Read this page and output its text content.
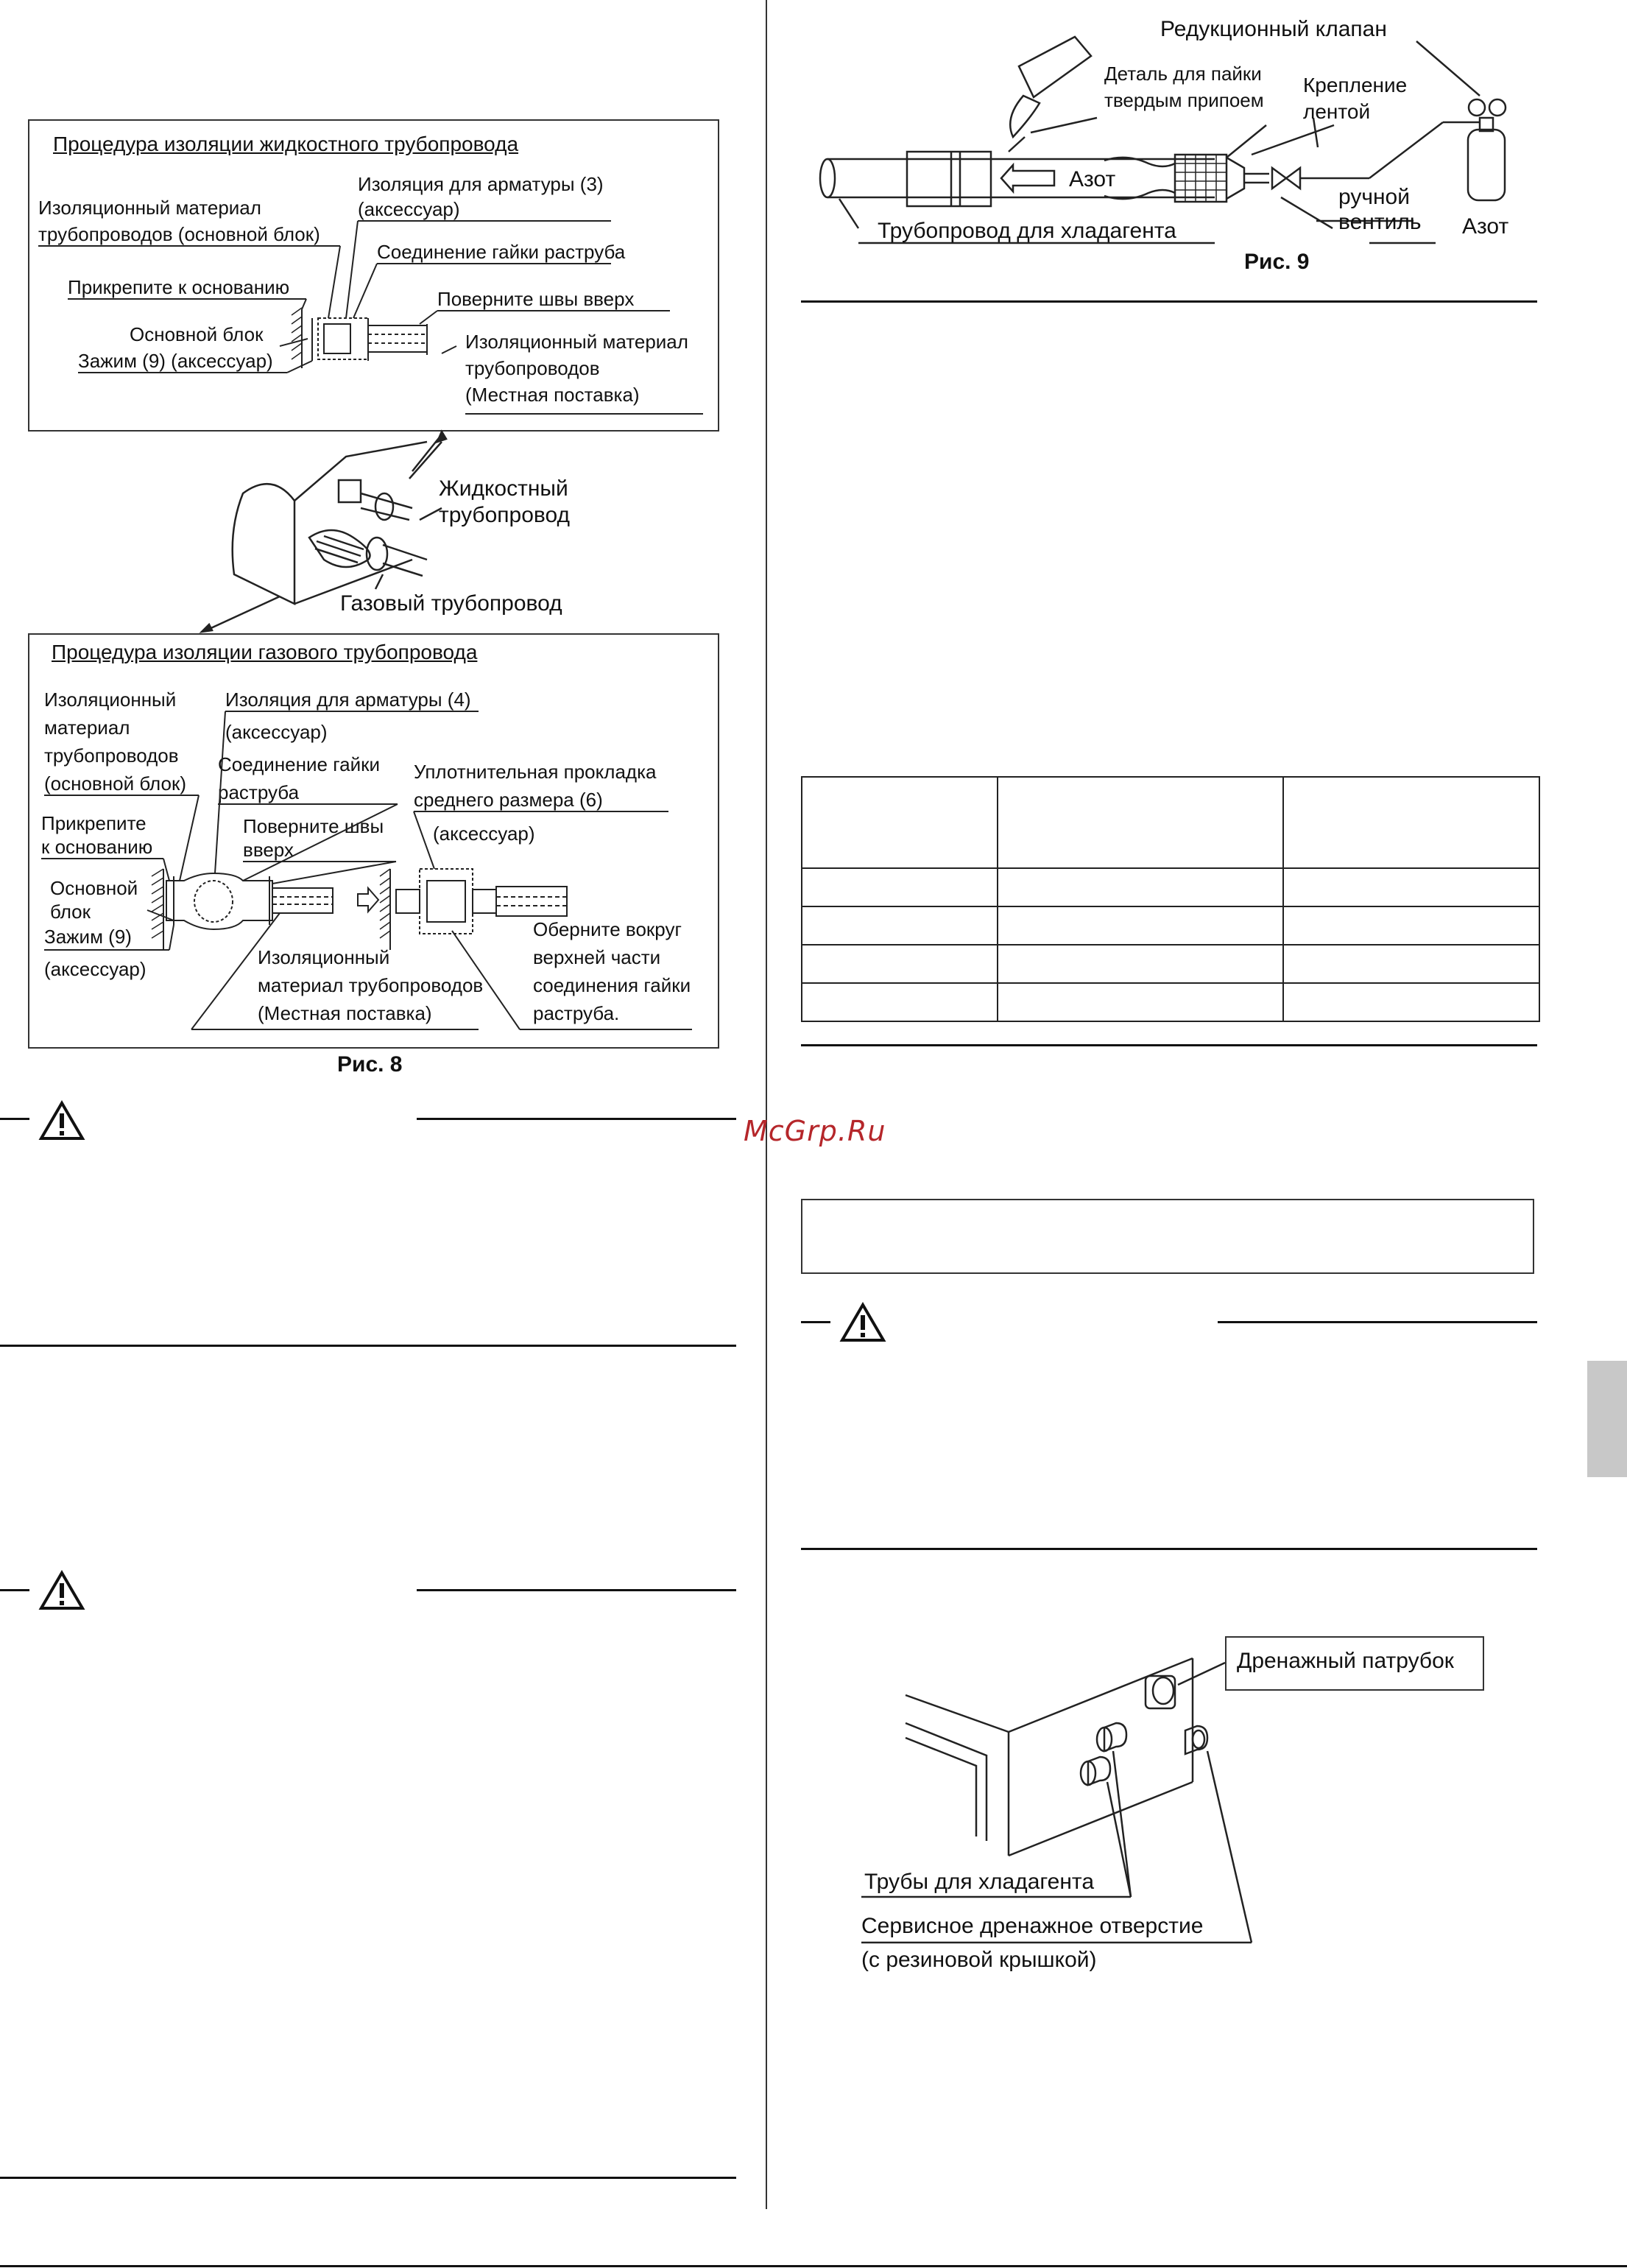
Процедура изоляции жидкостного трубопровода
Изоляционный материал
трубопроводов (основной блок)
Изоляция для арматуры (3)
(аксессуар)
Соединение гайки раструба
Прикрепите к основанию
Поверните швы вверх
Основной блок
Зажим (9) (аксессуар)
Изоляционный материал
трубопроводов
(Местная поставка)
Жидкостный
трубопровод
Газовый трубопровод
Процедура изоляции газового трубопровода
Изоляционный
материал
трубопроводов
(основной блок)
Изоляция для арматуры (4)
(аксессуар)
Соединение гайки
раструба
Уплотнительная прокладка
среднего размера (6)
(аксессуар)
Прикрепите
к основанию
Поверните швы
вверх
Основной
блок
Зажим (9)
(аксессуар)
Изоляционный
материал трубопроводов
(Местная поставка)
Оберните вокруг
верхней части
соединения гайки
раструба.
Рис. 8
Редукционный клапан
Деталь для пайки
твердым припоем
Крепление
лентой
Азот
ручной
вентиль Азот
Трубопровод для хладагента
Рис. 9

McGrp.Ru
Дренажный патрубок
Трубы для хладагента
Сервисное дренажное отверстие
(с резиновой крышкой)
